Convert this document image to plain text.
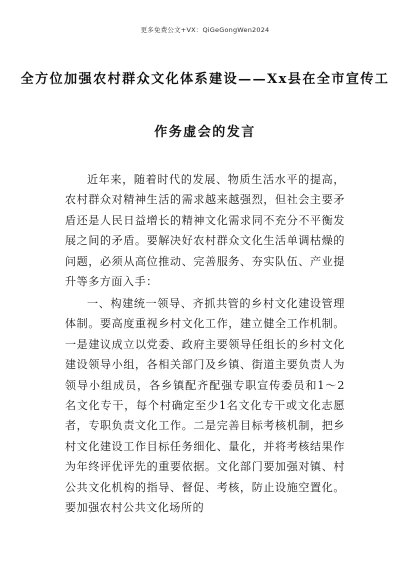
更多免费公文+VX：QiGeGongWen2024
全方位加强农村群众文化体系建设——Xx县在全市宣传工
作务虚会的发言

近年来，随着时代的发展、物质生活水平的提高，农村群众对精神生活的需求越来越强烈，但社会主要矛盾还是人民日益增长的精神文化需求同不充分不平衡发展之间的矛盾。要解决好农村群众文化生活单调枯燥的问题，必须从高位推动、完善服务、夯实队伍、产业提升等多方面入手：

一、构建统一领导、齐抓共管的乡村文化建设管理体制。要高度重视乡村文化工作，建立健全工作机制。一是建议成立以党委、政府主要领导任组长的乡村文化建设领导小组，各相关部门及乡镇、街道主要负责人为领导小组成员，各乡镇配齐配强专职宣传委员和1～2名文化专干，每个村确定至少1名文化专干或文化志愿者，专职负责文化工作。二是完善目标考核机制，把乡村文化建设工作目标任务细化、量化，并将考核结果作为年终评优评先的重要依据。文化部门要加强对镇、村公共文化机构的指导、督促、考核，防止设施空置化。要加强农村公共文化场所的
